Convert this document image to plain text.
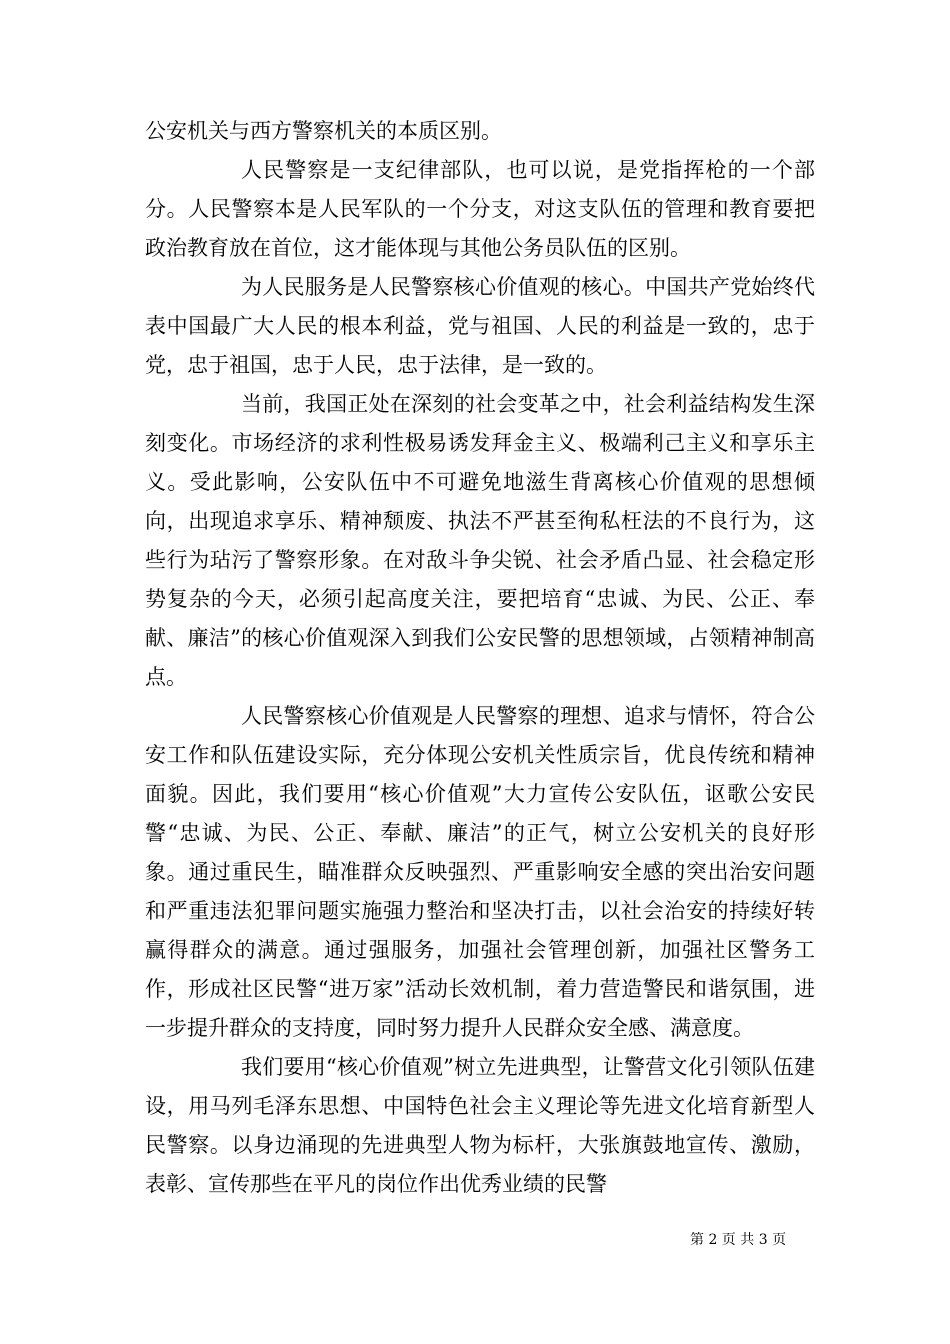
公安机关与西方警察机关的本质区别。

人民警察是一支纪律部队，也可以说，是党指挥枪的一个部分。人民警察本是人民军队的一个分支，对这支队伍的管理和教育要把政治教育放在首位，这才能体现与其他公务员队伍的区别。

为人民服务是人民警察核心价值观的核心。中国共产党始终代表中国最广大人民的根本利益，党与祖国、人民的利益是一致的，忠于党，忠于祖国，忠于人民，忠于法律，是一致的。

当前，我国正处在深刻的社会变革之中，社会利益结构发生深刻变化。市场经济的求利性极易诱发拜金主义、极端利己主义和享乐主义。受此影响，公安队伍中不可避免地滋生背离核心价值观的思想倾向，出现追求享乐、精神颓废、执法不严甚至徇私枉法的不良行为，这些行为玷污了警察形象。在对敌斗争尖锐、社会矛盾凸显、社会稳定形势复杂的今天，必须引起高度关注，要把培育“忠诚、为民、公正、奉献、廉洁”的核心价值观深入到我们公安民警的思想领域，占领精神制高点。

人民警察核心价值观是人民警察的理想、追求与情怀，符合公安工作和队伍建设实际，充分体现公安机关性质宗旨，优良传统和精神面貌。因此，我们要用“核心价值观”大力宣传公安队伍，讴歌公安民警“忠诚、为民、公正、奉献、廉洁”的正气，树立公安机关的良好形象。通过重民生，瞄准群众反映强烈、严重影响安全感的突出治安问题和严重违法犯罪问题实施强力整治和坚决打击，以社会治安的持续好转赢得群众的满意。通过强服务，加强社会管理创新，加强社区警务工作，形成社区民警“进万家”活动长效机制，着力营造警民和谐氛围，进一步提升群众的支持度，同时努力提升人民群众安全感、满意度。

我们要用“核心价值观”树立先进典型，让警营文化引领队伍建设，用马列毛泽东思想、中国特色社会主义理论等先进文化培育新型人民警察。以身边涌现的先进典型人物为标杆，大张旗鼓地宣传、激励，表彰、宣传那些在平凡的岗位作出优秀业绩的民警

第 2 页 共 3 页
